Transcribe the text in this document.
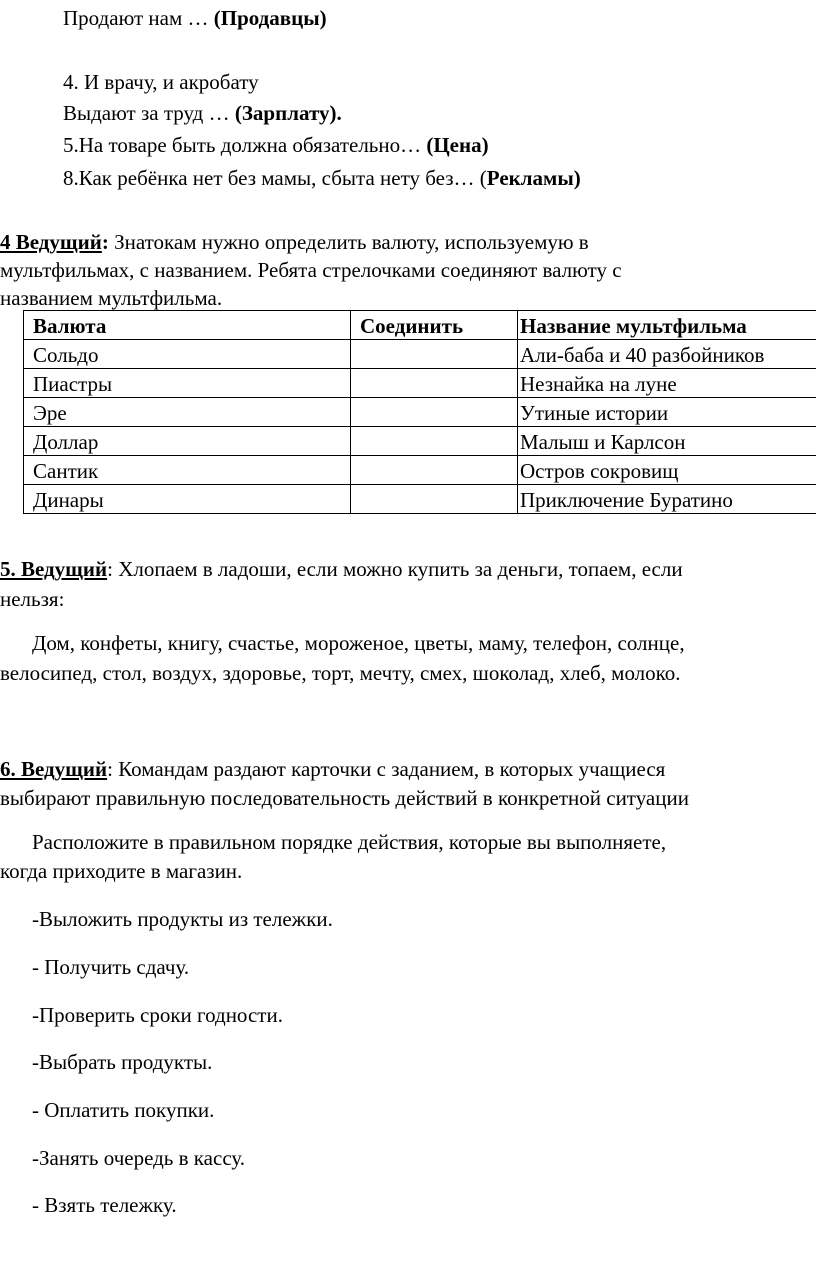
Продают нам … (Продавцы)
4. И врачу, и акробату
Выдают за труд … (Зарплату).
5.На товаре быть должна обязательно… (Цена)
8.Как ребёнка нет без мамы, сбыта нету без… (Рекламы)
4 Ведущий: Знатокам нужно определить валюту, используемую в
мультфильмах, с названием. Ребята стрелочками соединяют валюту с
названием мультфильма.
Валюта	Соединить	Название мультфильма
Сольдо		Али-баба и 40 разбойников
Пиастры		Незнайка на луне
Эре		Утиные истории
Доллар		Малыш и Карлсон
Сантик		Остров сокровищ
Динары		Приключение Буратино
5. Ведущий: Хлопаем в ладоши, если можно купить за деньги, топаем, если
нельзя:
Дом, конфеты, книгу, счастье, мороженое, цветы, маму, телефон, солнце,
велосипед, стол, воздух, здоровье, торт, мечту, смех, шоколад, хлеб, молоко.
6. Ведущий: Командам раздают карточки с заданием, в которых учащиеся
выбирают правильную последовательность действий в конкретной ситуации
Расположите в правильном порядке действия, которые вы выполняете,
когда приходите в магазин.
-Выложить продукты из тележки.
- Получить сдачу.
-Проверить сроки годности.
-Выбрать продукты.
- Оплатить покупки.
-Занять очередь в кассу.
- Взять тележку.
